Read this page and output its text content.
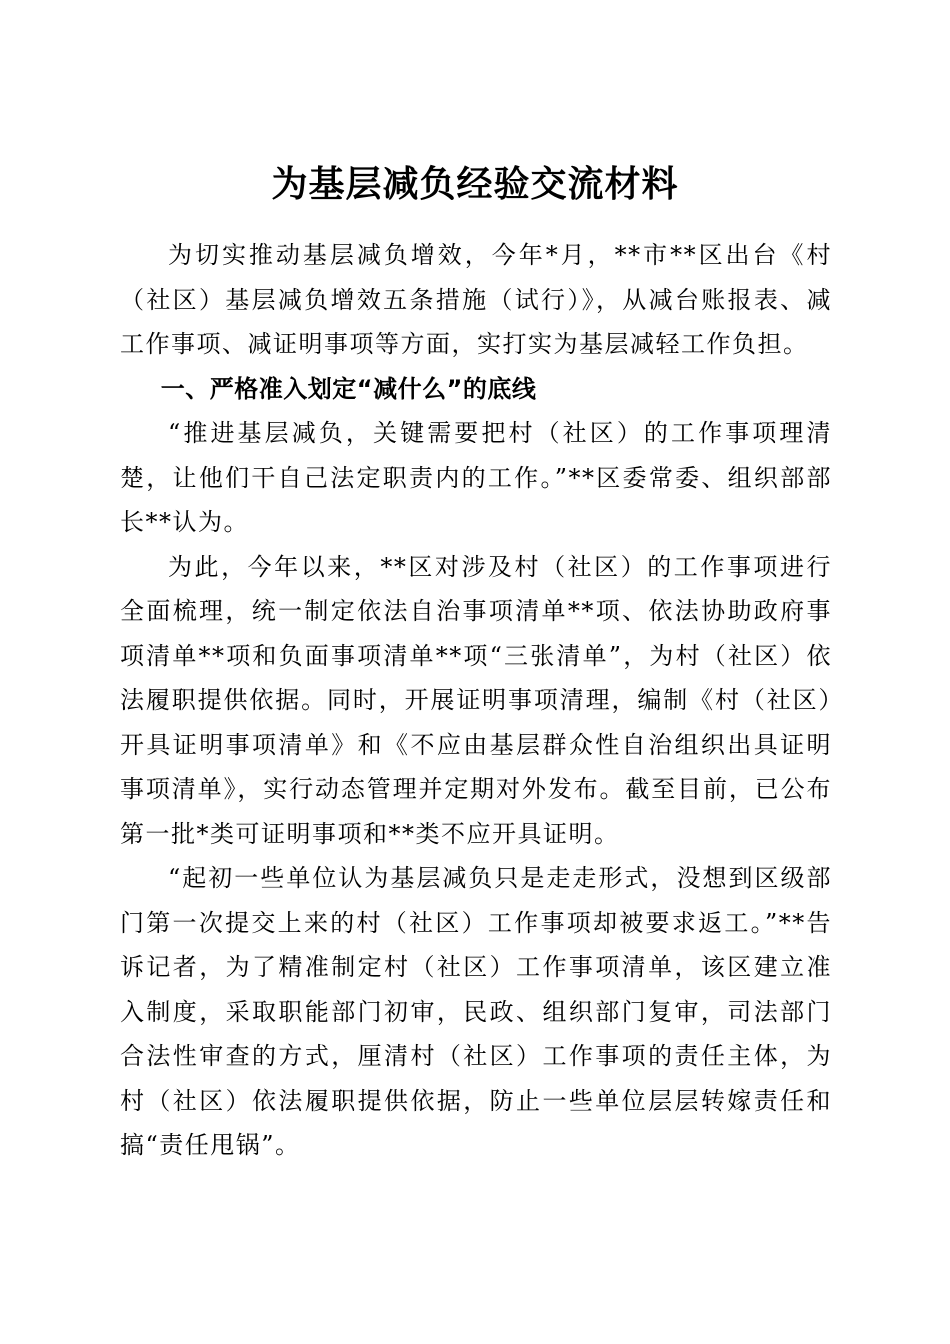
为基层减负经验交流材料

为切实推动基层减负增效，今年*月，**市**区出台《村（社区）基层减负增效五条措施（试行）》，从减台账报表、减工作事项、减证明事项等方面，实打实为基层减轻工作负担。

一、严格准入划定“减什么”的底线

“推进基层减负，关键需要把村（社区）的工作事项理清楚，让他们干自己法定职责内的工作。”**区委常委、组织部部长**认为。

为此，今年以来，**区对涉及村（社区）的工作事项进行全面梳理，统一制定依法自治事项清单**项、依法协助政府事项清单**项和负面事项清单**项“三张清单”，为村（社区）依法履职提供依据。同时，开展证明事项清理，编制《村（社区）开具证明事项清单》和《不应由基层群众性自治组织出具证明事项清单》，实行动态管理并定期对外发布。截至目前，已公布第一批*类可证明事项和**类不应开具证明。

“起初一些单位认为基层减负只是走走形式，没想到区级部门第一次提交上来的村（社区）工作事项却被要求返工。”**告诉记者，为了精准制定村（社区）工作事项清单，该区建立准入制度，采取职能部门初审，民政、组织部门复审，司法部门合法性审查的方式，厘清村（社区）工作事项的责任主体，为村（社区）依法履职提供依据，防止一些单位层层转嫁责任和搞“责任甩锅”。
